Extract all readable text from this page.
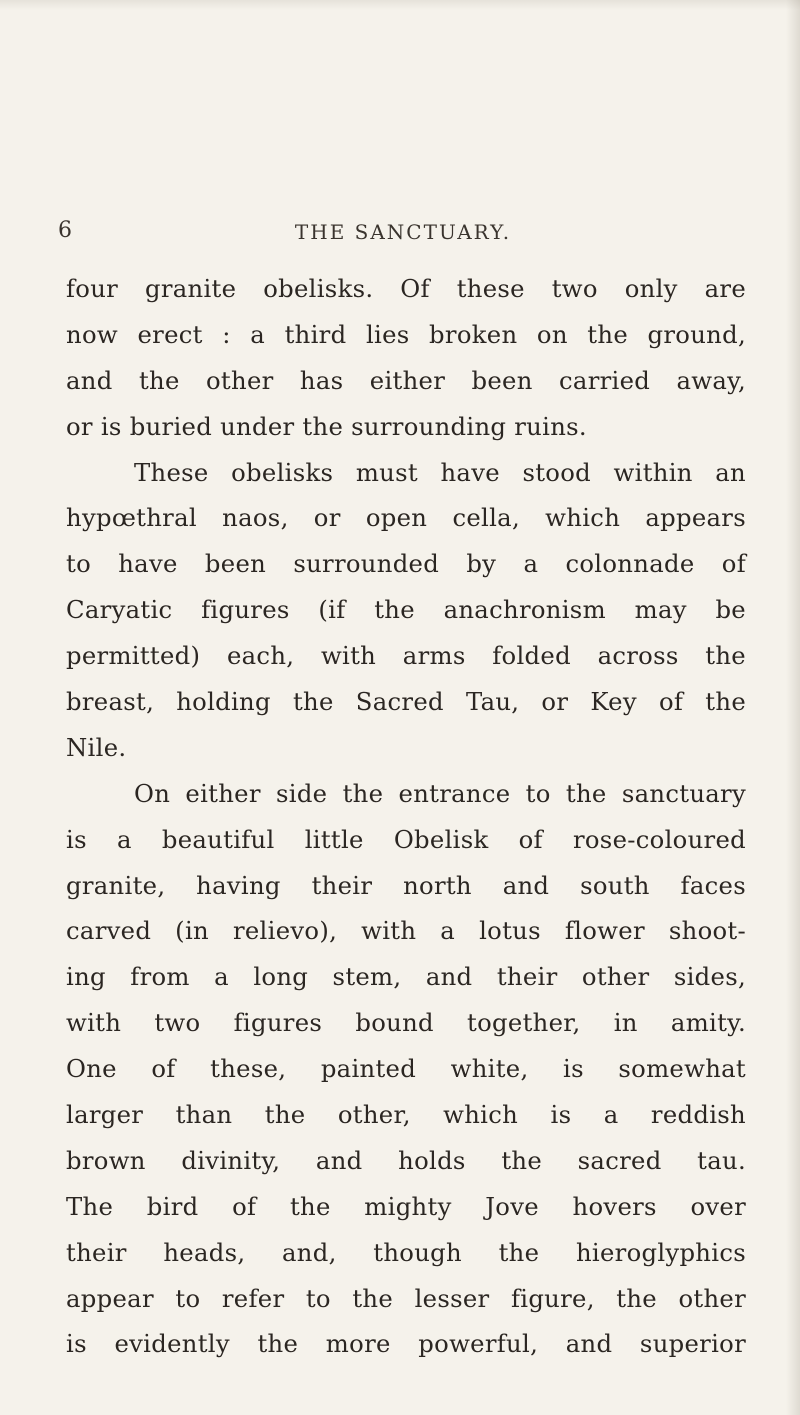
6	THE SANCTUARY.
four granite obelisks. Of these two only are
now erect : a third lies broken on the ground,
and the other has either been carried away,
or is buried under the surrounding ruins.
These obelisks must have stood within an
hypœthral naos, or open cella, which appears
to have been surrounded by a colonnade of
Caryatic figures (if the anachronism may be
permitted) each, with arms folded across the
breast, holding the Sacred Tau, or Key of the
Nile.
On either side the entrance to the sanctuary
is a beautiful little Obelisk of rose-coloured
granite, having their north and south faces
carved (in relievo), with a lotus flower shoot-
ing from a long stem, and their other sides,
with two figures bound together, in amity.
One of these, painted white, is somewhat
larger than the other, which is a reddish
brown divinity, and holds the sacred tau.
The bird of the mighty Jove hovers over
their heads, and, though the hieroglyphics
appear to refer to the lesser figure, the other
is evidently the more powerful, and superior
